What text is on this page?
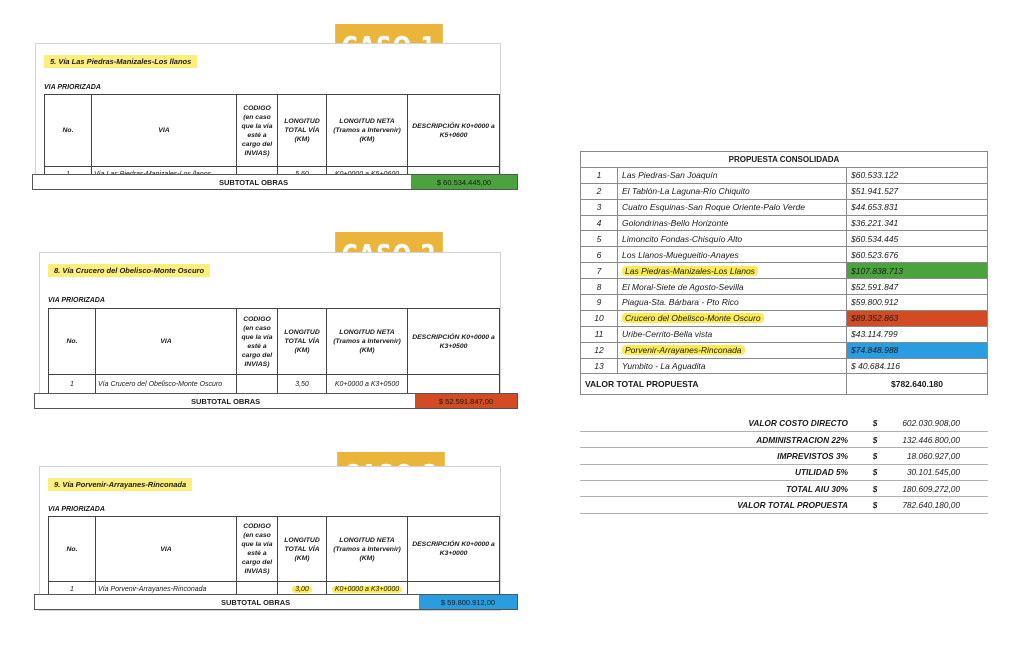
5. Vía Las Piedras-Manizales-Los llanos
VIA PRIORIZADA
No.	VIA	CODIGO (en caso que la vía esté a cargo del INVIAS)	LONGITUD TOTAL VÍA (KM)	LONGITUD NETA (Tramos a Intervenir) (KM)	DESCRIPCIÓN K0+0000 a K5+0600

SUBTOTAL OBRAS	$ 60.534.445,00
8. Vía Crucero del Obelisco-Monte Oscuro
VIA PRIORIZADA
No.	VIA	CODIGO (en caso que la vía esté a cargo del INVIAS)	LONGITUD TOTAL VÍA (KM)	LONGITUD NETA (Tramos a Intervenir) (KM)	DESCRIPCIÓN K0+0000 a K3+0500
1	Vía Crucero del Obelisco-Monte Oscuro		3,50	K0+0000 a K3+0500	
SUBTOTAL OBRAS	$ 52.591.847,00
9. Vía Porvenir-Arrayanes-Rinconada
VIA PRIORIZADA
No.	VIA	CODIGO (en caso que la vía esté a cargo del INVIAS)	LONGITUD TOTAL VÍA (KM)	LONGITUD NETA (Tramos a Intervenir) (KM)	DESCRIPCIÓN K0+0000 a K3+0000
1	Vía Porvenir-Arrayanes-Rinconada		3,00	K0+0000 a K3+0000	
SUBTOTAL OBRAS	$ 59.800.912,00
PROPUESTA CONSOLIDADA		
1	Las Piedras-San Joaquín	$60.533.122
2	El Tablón-La Laguna-Río Chiquito	$51.941.527
3	Cuatro Esquinas-San Roque Oriente-Palo Verde	$44.653.831
4	Golondrinas-Bello Horizonte	$36.221.341
5	Limoncito Fondas-Chisquío Alto	$60.534.445
6	Los Llanos-Muegueitio-Anayes	$60.523.676
7	Las Piedras-Manizales-Los Llanos	$107.838.713
8	El Moral-Siete de Agosto-Sevilla	$52.591.847
9	Piagua-Sta. Bárbara - Pto Rico	$59.800.912
10	Crucero del Obelisco-Monte Oscuro	$89.352.863
11	Uribe-Cerrito-Bella vista	$43.114.799
12	Porvenir-Arrayanes-Rinconada	$74.848.988
13	Yumbito - La Aguadita	$ 40.684.116
VALOR TOTAL PROPUESTA		$782.640.180
VALOR COSTO DIRECTO	$	602.030.908,00
ADMINISTRACION 22%	$	132.446.800,00
IMPREVISTOS 3%	$	18.060.927,00
UTILIDAD 5%	$	30.101.545,00
TOTAL AIU 30%	$	180.609.272,00
VALOR TOTAL PROPUESTA	$	782.640.180,00
